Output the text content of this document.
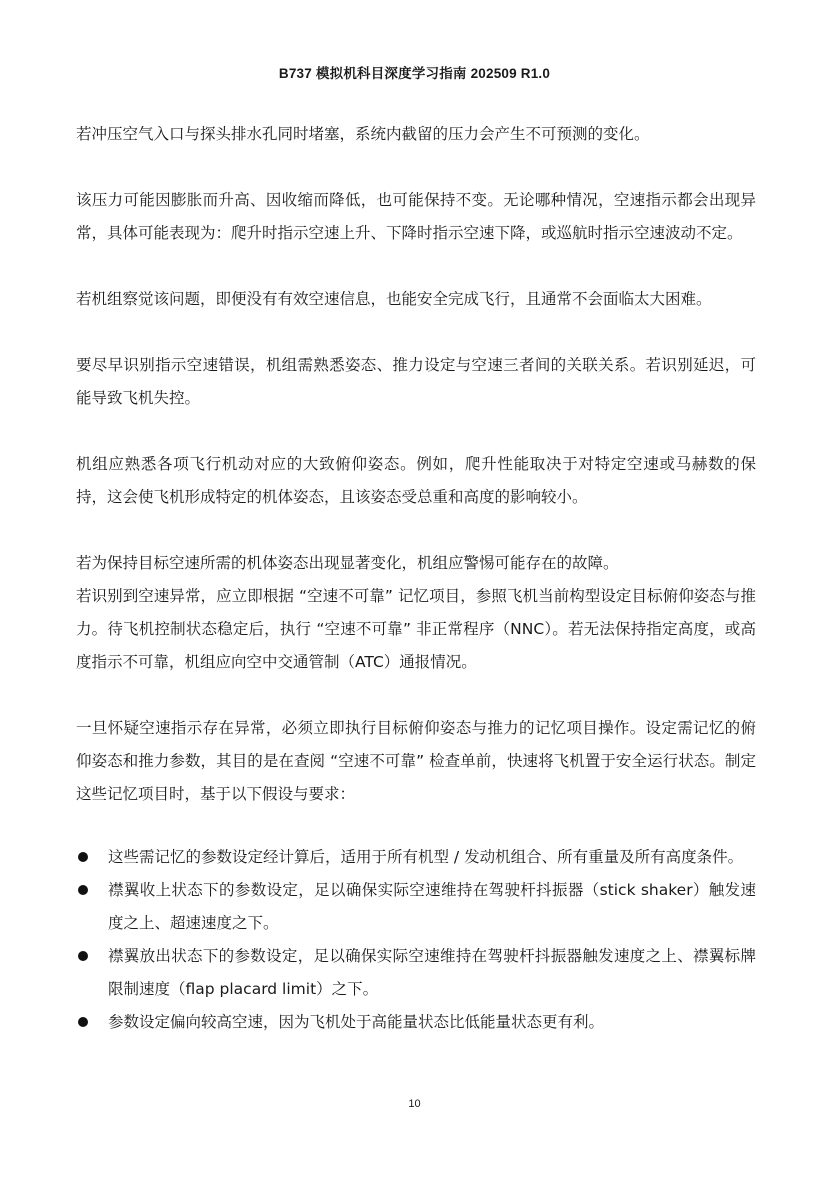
B737 模拟机科目深度学习指南 202509 R1.0

若冲压空气入口与探头排水孔同时堵塞，系统内截留的压力会产生不可预测的变化。

该压力可能因膨胀而升高、因收缩而降低，也可能保持不变。无论哪种情况，空速指示都会出现异常，具体可能表现为：爬升时指示空速上升、下降时指示空速下降，或巡航时指示空速波动不定。

若机组察觉该问题，即便没有有效空速信息，也能安全完成飞行，且通常不会面临太大困难。

要尽早识别指示空速错误，机组需熟悉姿态、推力设定与空速三者间的关联关系。若识别延迟，可能导致飞机失控。

机组应熟悉各项飞行机动对应的大致俯仰姿态。例如，爬升性能取决于对特定空速或马赫数的保持，这会使飞机形成特定的机体姿态，且该姿态受总重和高度的影响较小。

若为保持目标空速所需的机体姿态出现显著变化，机组应警惕可能存在的故障。

若识别到空速异常，应立即根据 “空速不可靠” 记忆项目，参照飞机当前构型设定目标俯仰姿态与推力。待飞机控制状态稳定后，执行 “空速不可靠” 非正常程序（NNC）。若无法保持指定高度，或高度指示不可靠，机组应向空中交通管制（ATC）通报情况。

一旦怀疑空速指示存在异常，必须立即执行目标俯仰姿态与推力的记忆项目操作。设定需记忆的俯仰姿态和推力参数，其目的是在查阅 “空速不可靠” 检查单前，快速将飞机置于安全运行状态。制定这些记忆项目时，基于以下假设与要求：

这些需记忆的参数设定经计算后，适用于所有机型 / 发动机组合、所有重量及所有高度条件。
襟翼收上状态下的参数设定，足以确保实际空速维持在驾驶杆抖振器（stick shaker）触发速度之上、超速速度之下。
襟翼放出状态下的参数设定，足以确保实际空速维持在驾驶杆抖振器触发速度之上、襟翼标牌限制速度（flap placard limit）之下。
参数设定偏向较高空速，因为飞机处于高能量状态比低能量状态更有利。
10
